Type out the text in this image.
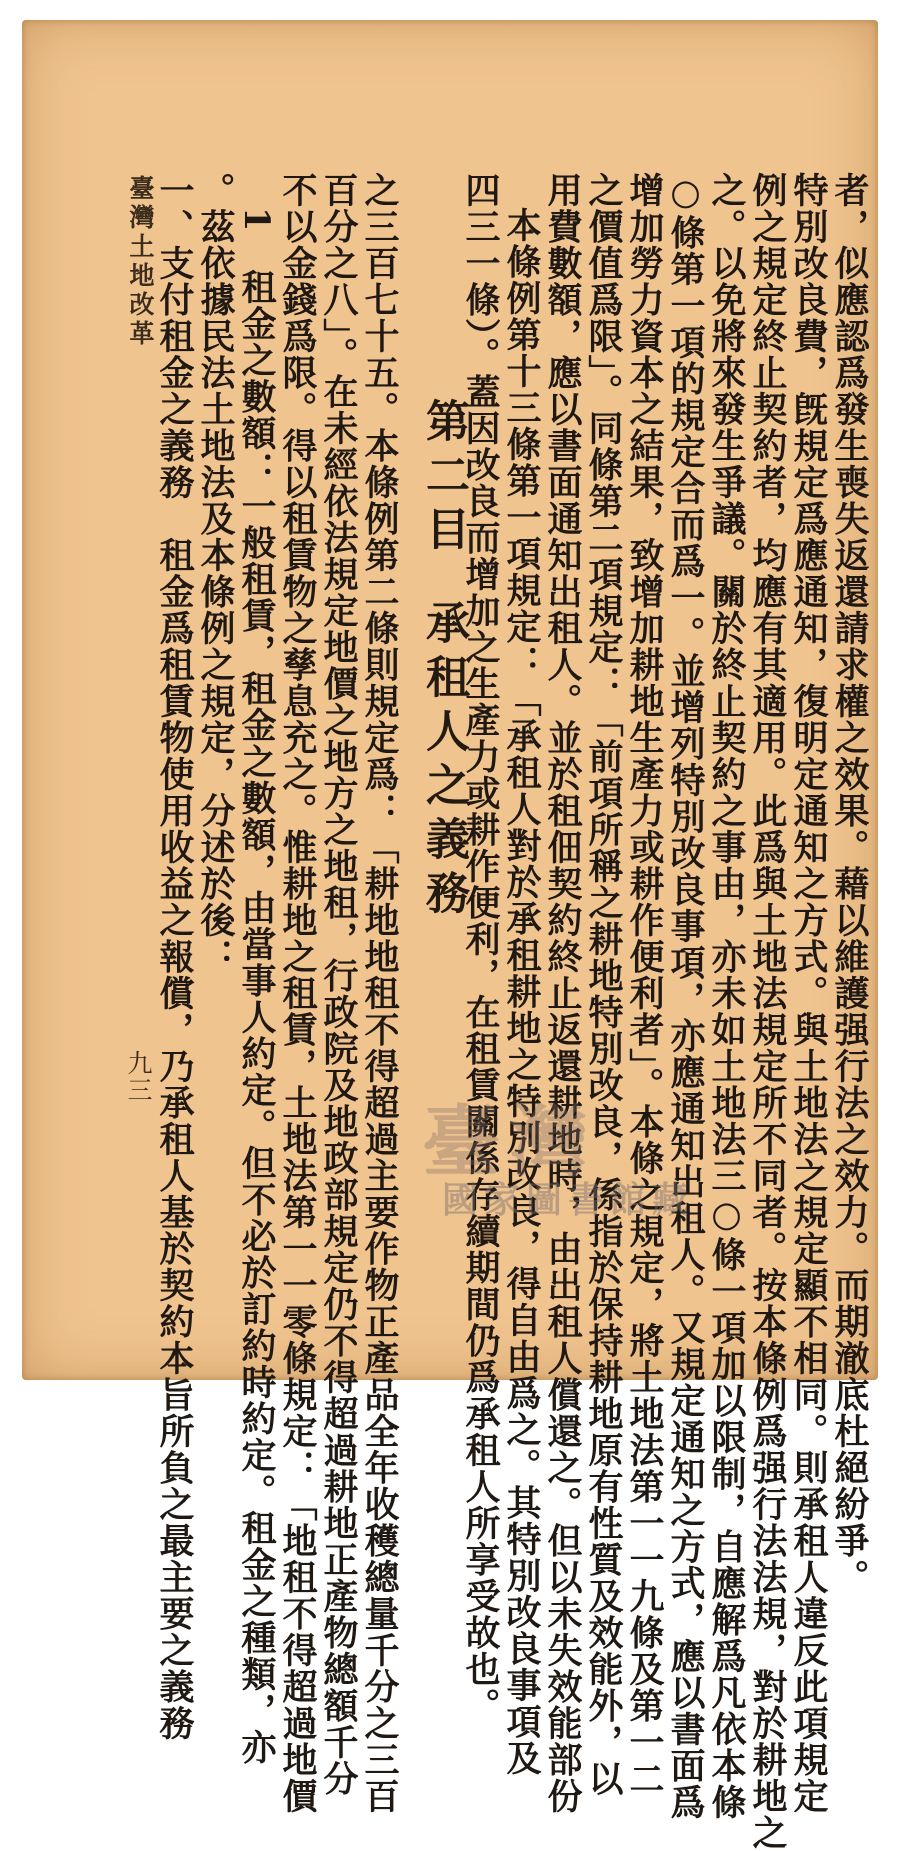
者，似應認爲發生喪失返還請求權之效果。藉以維護强行法之效力。而期澈底杜絕紛爭。
特別改良費，旣規定爲應通知，復明定通知之方式。與土地法之規定顯不相同。則承租人違反此項規定
例之規定終止契約者，均應有其適用。此爲與土地法規定所不同者。按本條例爲强行法法規，對於耕地之
之。以免將來發生爭議。關於終止契約之事由，亦未如土地法三○條一項加以限制，自應解爲凡依本條
○條第一項的規定合而爲一。並增列特別改良事項，亦應通知出租人。又規定通知之方式，應以書面爲
增加勞力資本之結果，致增加耕地生產力或耕作便利者」。本條之規定，將土地法第一一九條及第一二
之價值爲限」。同條第二項規定：「前項所稱之耕地特別改良，係指於保持耕地原有性質及效能外，以
用費數額，應以書面通知出租人。並於租佃契約終止返還耕地時，由出租人償還之。但以未失效能部份
本條例第十三條第一項規定：「承租人對於承租耕地之特別改良，得自由爲之。其特別改良事項及
四三一條）。蓋因改良而增加之生產力或耕作便利，在租賃關係存續期間仍爲承租人所享受故也。
第二目承租人之義務
之三百七十五。本條例第二條則規定爲：「耕地地租不得超過主要作物正產品全年收穫總量千分之三百
百分之八」。在未經依法規定地價之地方之地租，行政院及地政部規定仍不得超過耕地正產物總額千分
不以金錢爲限。得以租賃物之孳息充之。惟耕地之租賃，土地法第一一零條規定：「地租不得超過地價
1　租金之數額：一般租賃，租金之數額，由當事人約定。但不必於訂約時約定。租金之種類，亦
。茲依據民法土地法及本條例之規定，分述於後：
一、支付租金之義務　租金爲租賃物使用收益之報償，乃承租人基於契約本旨所負之最主要之義務
臺灣土地改革
九三
臺灣
國家圖書館藏
